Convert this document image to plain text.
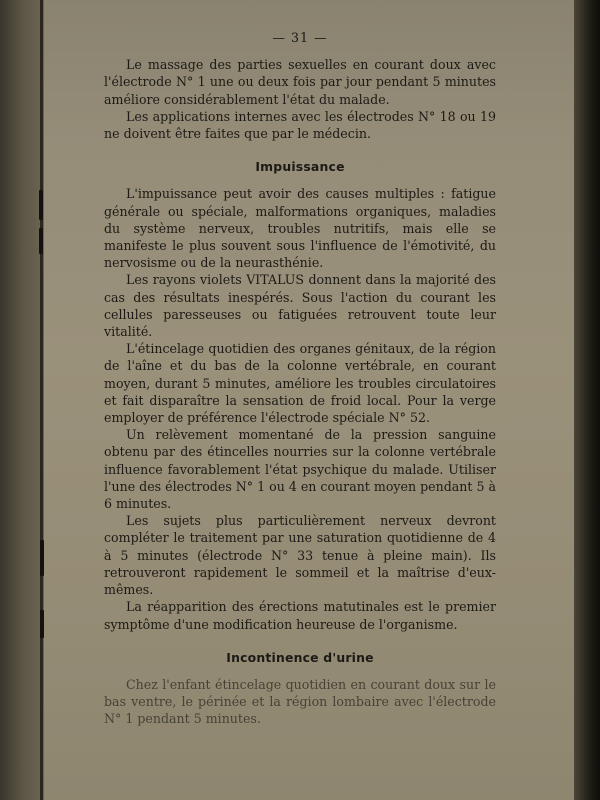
— 31 —

Le massage des parties sexuelles en courant doux avec l'électrode N° 1 une ou deux fois par jour pendant 5 minutes améliore considérablement l'état du malade.

Les applications internes avec les électrodes N° 18 ou 19 ne doivent être faites que par le médecin.

Impuissance

L'impuissance peut avoir des causes multiples : fatigue générale ou spéciale, malformations organiques, maladies du système nerveux, troubles nutritifs, mais elle se manifeste le plus souvent sous l'influence de l'émotivité, du nervosisme ou de la neurasthénie.

Les rayons violets VITALUS donnent dans la majorité des cas des résultats inespérés. Sous l'action du courant les cellules paresseuses ou fatiguées retrouvent toute leur vitalité.

L'étincelage quotidien des organes génitaux, de la région de l'aîne et du bas de la colonne vertébrale, en courant moyen, durant 5 minutes, améliore les troubles circulatoires et fait disparaître la sensation de froid local. Pour la verge employer de préférence l'électrode spéciale N° 52.

Un relèvement momentané de la pression sanguine obtenu par des étincelles nourries sur la colonne vertébrale influence favorablement l'état psychique du malade. Utiliser l'une des électrodes N° 1 ou 4 en courant moyen pendant 5 à 6 minutes.

Les sujets plus particulièrement nerveux devront compléter le traitement par une saturation quotidienne de 4 à 5 minutes (électrode N° 33 tenue à pleine main). Ils retrouveront rapidement le sommeil et la maîtrise d'eux-mêmes.

La réapparition des érections matutinales est le premier symptôme d'une modification heureuse de l'organisme.

Incontinence d'urine

Chez l'enfant étincelage quotidien en courant doux sur le bas ventre, le périnée et la région lombaire avec l'électrode N° 1 pendant 5 minutes.
